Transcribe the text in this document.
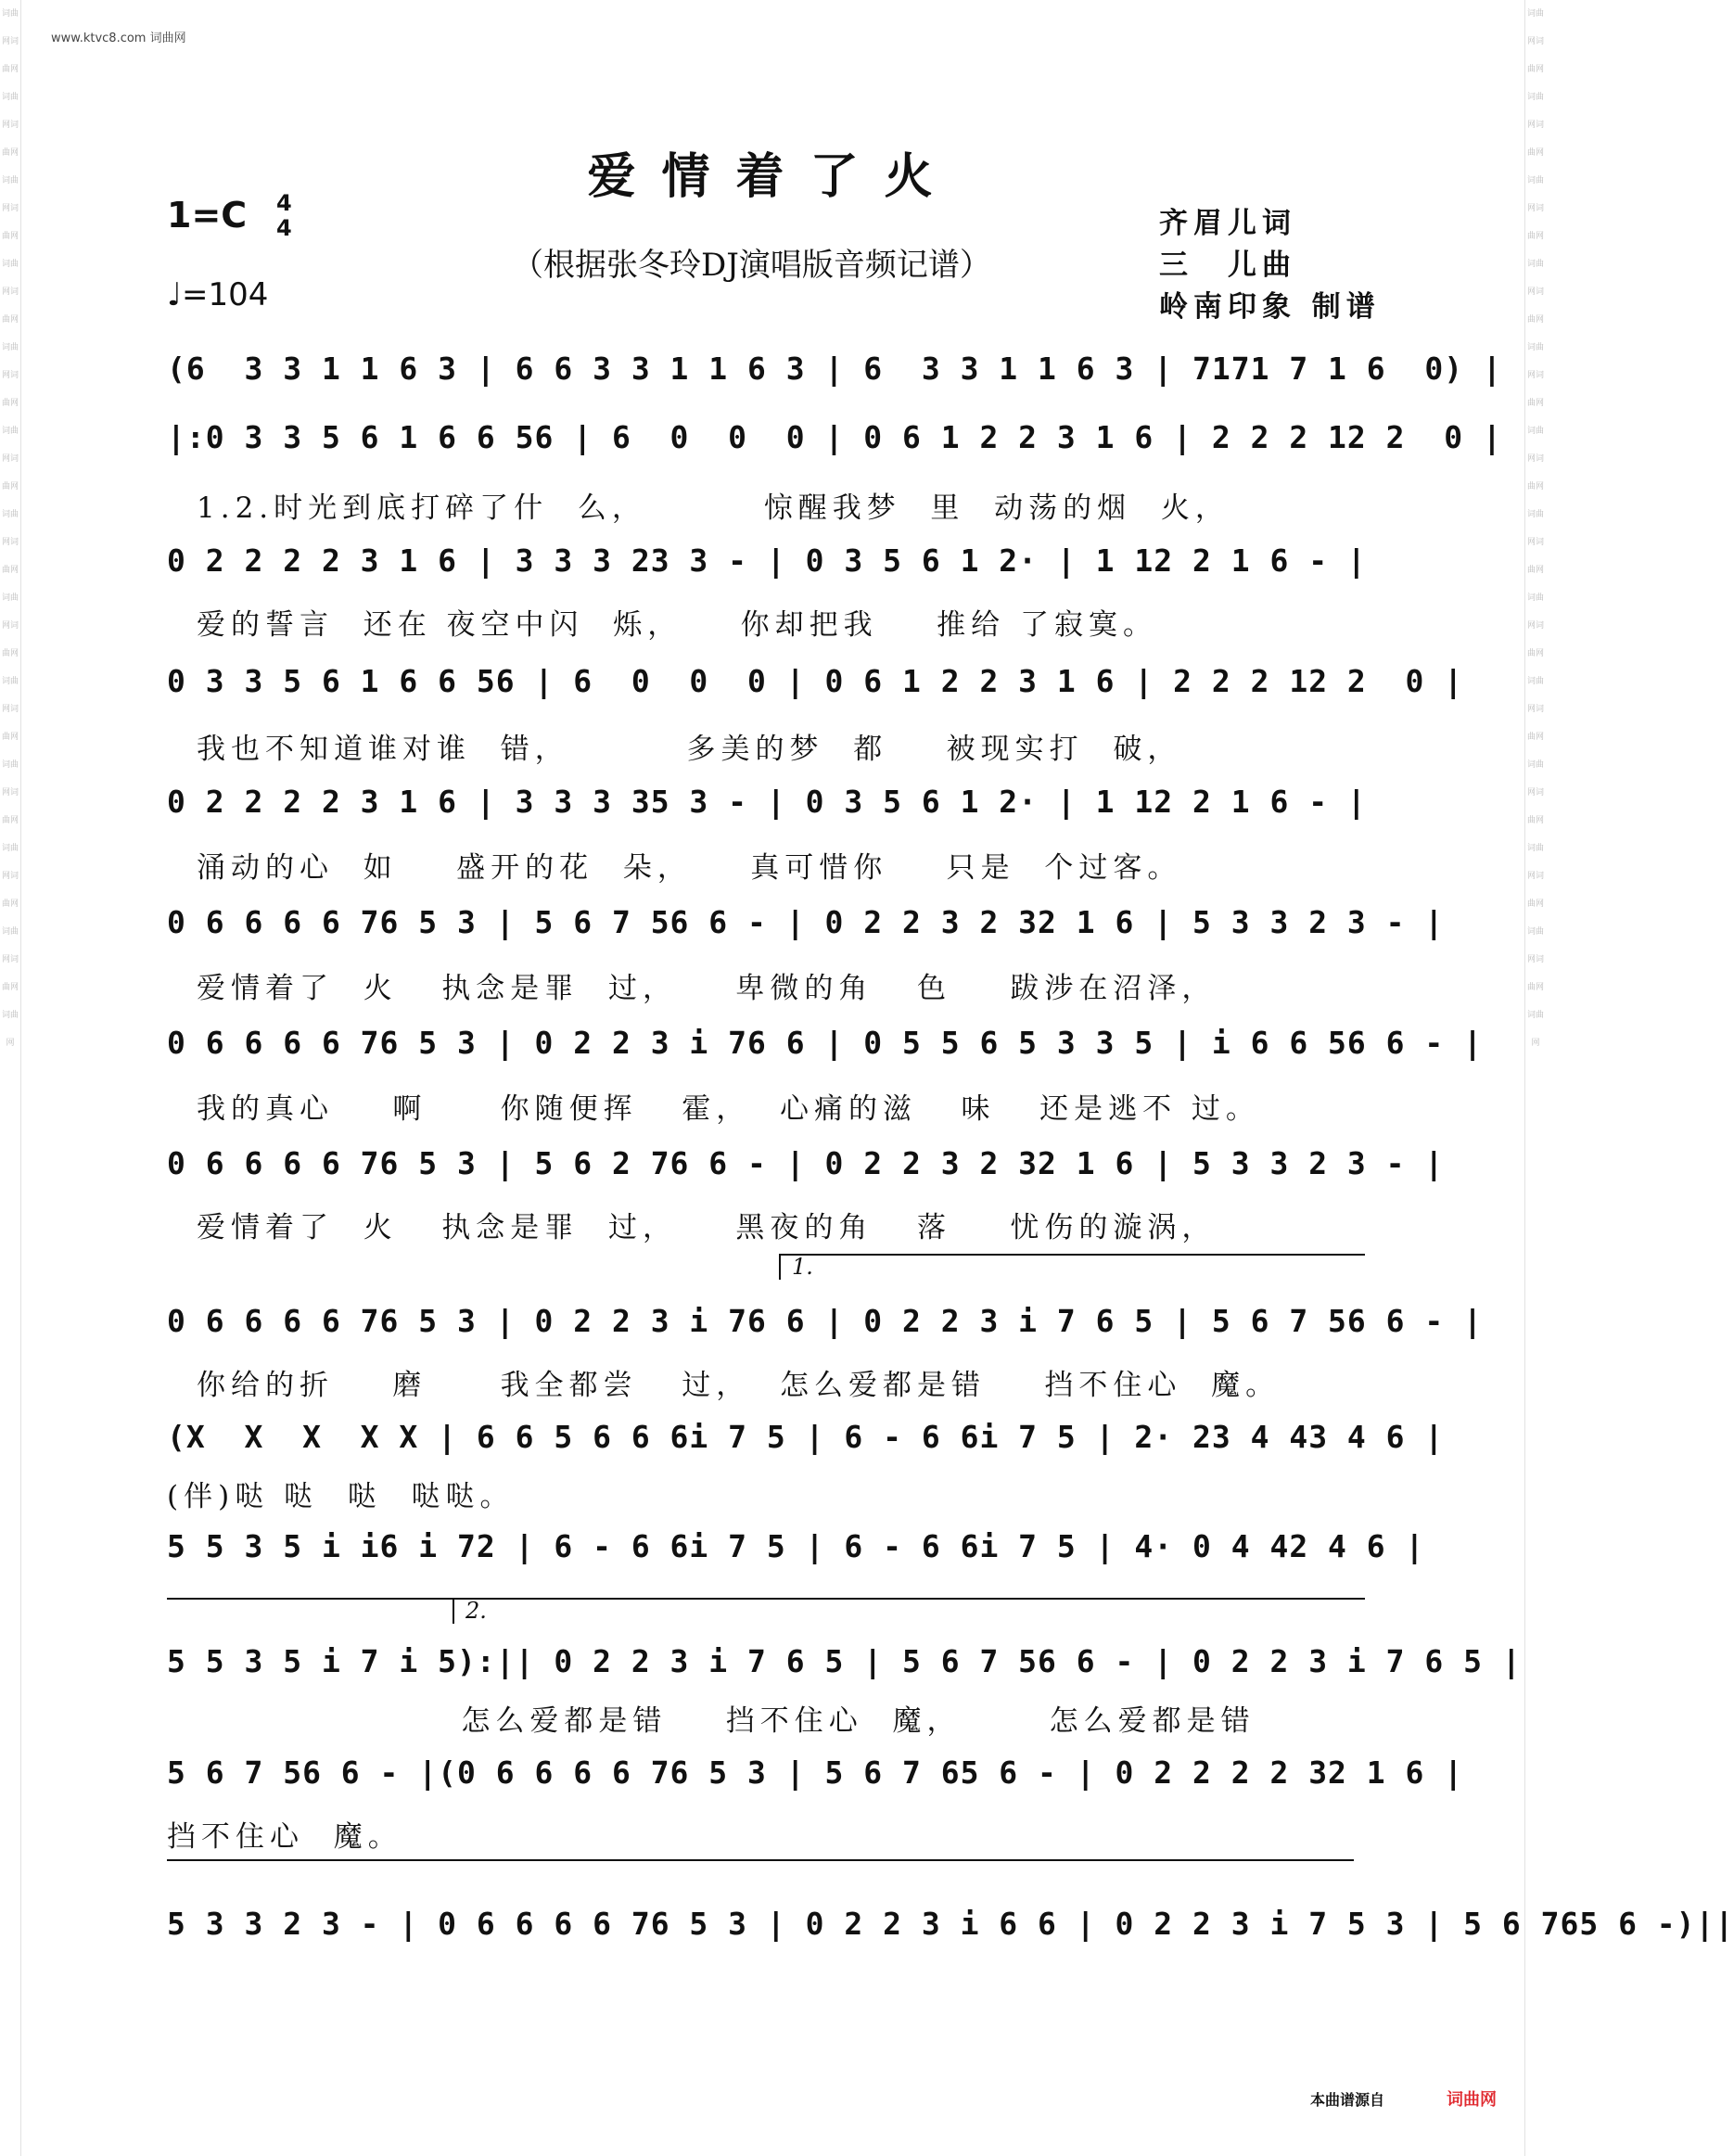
词曲网词曲网词曲网词曲网词曲网词曲网词曲网词曲网词曲网词曲网词曲网词曲网词曲网词曲网词曲网词曲网词曲网词曲网词曲网词曲网词曲网词曲网词曲网词曲网词曲网
词曲网词曲网词曲网词曲网词曲网词曲网词曲网词曲网词曲网词曲网词曲网词曲网词曲网词曲网词曲网词曲网词曲网词曲网词曲网词曲网词曲网词曲网词曲网词曲网词曲网
www.ktvc8.com 词曲网
爱情着了火
1=C 4
4
♩=104
（根据张冬玲DJ演唱版音频记谱）
齐眉儿词
三　儿曲
岭南印象 制谱
(6  3 3 1 1 6 3 | 6 6 3 3 1 1 6 3 | 6  3 3 1 1 6 3 | 7171 7 1 6  0) |
|:0 3 3 5 6 1 6 6 56 | 6  0  0  0 | 0 6 1 2 2 3 1 6 | 2 2 2 12 2  0 |
1.2.时光到底打碎了什  么，        惊醒我梦  里  动荡的烟  火，
0 2 2 2 2 3 1 6 | 3 3 3 23 3 - | 0 3 5 6 1 2· | 1 12 2 1 6 - |
爱的誓言  还在 夜空中闪  烁，    你却把我    推给 了寂寞。
0 3 3 5 6 1 6 6 56 | 6  0  0  0 | 0 6 1 2 2 3 1 6 | 2 2 2 12 2  0 |
我也不知道谁对谁  错，        多美的梦  都    被现实打  破，
0 2 2 2 2 3 1 6 | 3 3 3 35 3 - | 0 3 5 6 1 2· | 1 12 2 1 6 - |
涌动的心  如    盛开的花  朵，    真可惜你    只是  个过客。
0 6 6 6 6 76 5 3 | 5 6 7 56 6 - | 0 2 2 3 2 32 1 6 | 5 3 3 2 3 - |
爱情着了  火   执念是罪  过，    卑微的角   色    跋涉在沼泽，
0 6 6 6 6 76 5 3 | 0 2 2 3 i 76 6 | 0 5 5 6 5 3 3 5 | i 6 6 56 6 - |
我的真心    啊     你随便挥   霍，  心痛的滋   味   还是逃不 过。
0 6 6 6 6 76 5 3 | 5 6 2 76 6 - | 0 2 2 3 2 32 1 6 | 5 3 3 2 3 - |
爱情着了  火   执念是罪  过，    黑夜的角   落    忧伤的漩涡，
1.
0 6 6 6 6 76 5 3 | 0 2 2 3 i 76 6 | 0 2 2 3 i 7 6 5 | 5 6 7 56 6 - |
你给的折    磨     我全都尝   过，  怎么爱都是错    挡不住心  魔。
(X  X  X  X X | 6 6 5 6 6 6i 7 5 | 6 - 6 6i 7 5 | 2· 23 4 43 4 6 |
(伴)哒 哒  哒  哒哒。
5 5 3 5 i i6 i 72 | 6 - 6 6i 7 5 | 6 - 6 6i 7 5 | 4· 0 4 42 4 6 |
2.
5 5 3 5 i 7 i 5):|| 0 2 2 3 i 7 6 5 | 5 6 7 56 6 - | 0 2 2 3 i 7 6 5 |
怎么爱都是错    挡不住心  魔，      怎么爱都是错
5 6 7 56 6 - |(0 6 6 6 6 76 5 3 | 5 6 7 65 6 - | 0 2 2 2 2 32 1 6 |
挡不住心  魔。
5 3 3 2 3 - | 0 6 6 6 6 76 5 3 | 0 2 2 3 i 6 6 | 0 2 2 3 i 7 5 3 | 5 6 765 6 -)||
本曲谱源自	词曲网
